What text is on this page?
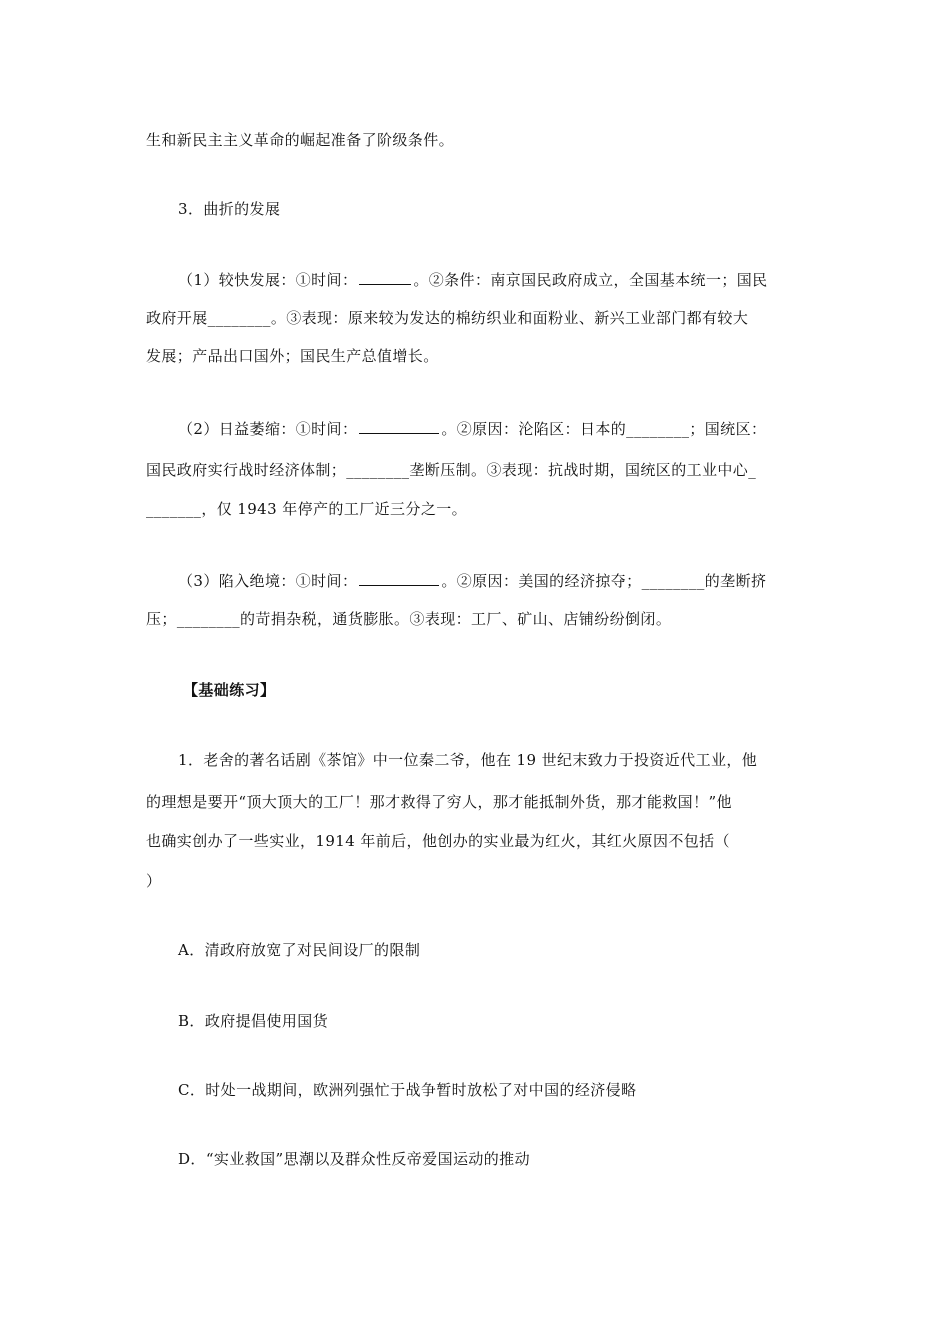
生和新民主主义革命的崛起准备了阶级条件。
3．曲折的发展
（1）较快发展：①时间：	。②条件：南京国民政府成立，全国基本统一；国民
政府开展________。③表现：原来较为发达的棉纺织业和面粉业、新兴工业部门都有较大
发展；产品出口国外；国民生产总值增长。
（2）日益萎缩：①时间：	。②原因：沦陷区：日本的________；国统区：
国民政府实行战时经济体制；________垄断压制。③表现：抗战时期，国统区的工业中心_
_______，仅 1943 年停产的工厂近三分之一。
（3）陷入绝境：①时间：	。②原因：美国的经济掠夺；________的垄断挤
压；________的苛捐杂税，通货膨胀。③表现：工厂、矿山、店铺纷纷倒闭。
【基础练习】
1．老舍的著名话剧《茶馆》中一位秦二爷，他在 19 世纪末致力于投资近代工业，他
的理想是要开“顶大顶大的工厂！那才救得了穷人，那才能抵制外货，那才能救国！”他
也确实创办了一些实业，1914 年前后，他创办的实业最为红火，其红火原因不包括（
）
A．清政府放宽了对民间设厂的限制
B．政府提倡使用国货
C．时处一战期间，欧洲列强忙于战争暂时放松了对中国的经济侵略
D．“实业救国”思潮以及群众性反帝爱国运动的推动
